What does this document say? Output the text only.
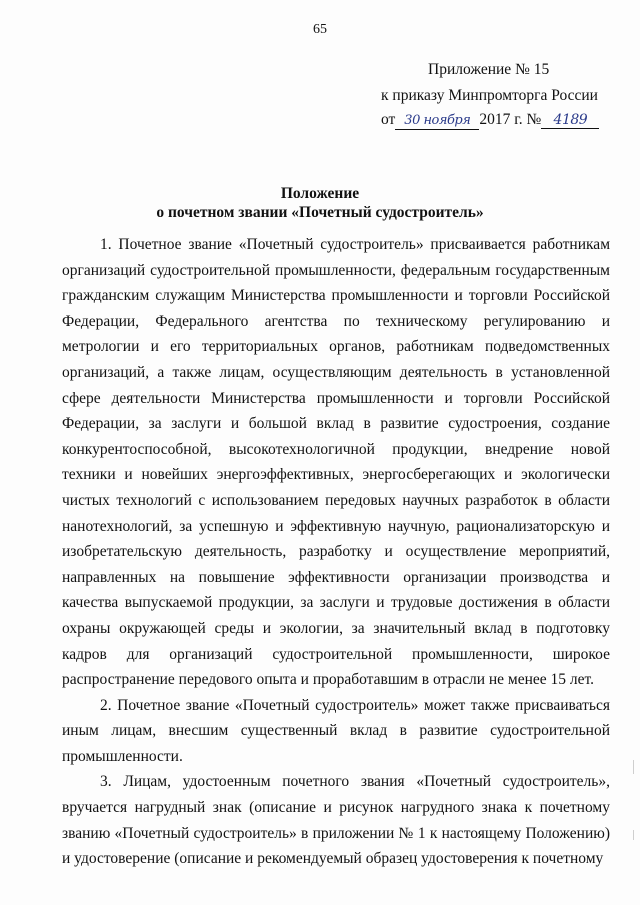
65
Приложение № 15
к приказу Минпромторга России
от 30 ноября 2017 г. № 4189
Положение
о почетном звании «Почетный судостроитель»

1. Почетное звание «Почетный судостроитель» присваивается работникам организаций судостроительной промышленности, федеральным государственным гражданским служащим Министерства промышленности и торговли Российской Федерации, Федерального агентства по техническому регулированию и метрологии и его территориальных органов, работникам подведомственных организаций, а также лицам, осуществляющим деятельность в установленной сфере деятельности Министерства промышленности и торговли Российской Федерации, за заслуги и большой вклад в развитие судостроения, создание конкурентоспособной, высокотехнологичной продукции, внедрение новой техники и новейших энергоэффективных, энергосберегающих и экологически чистых технологий с использованием передовых научных разработок в области нанотехнологий, за успешную и эффективную научную, рационализаторскую и изобретательскую деятельность, разработку и осуществление мероприятий, направленных на повышение эффективности организации производства и качества выпускаемой продукции, за заслуги и трудовые достижения в области охраны окружающей среды и экологии, за значительный вклад в подготовку кадров для организаций судостроительной промышленности, широкое распространение передового опыта и проработавшим в отрасли не менее 15 лет.

2. Почетное звание «Почетный судостроитель» может также присваиваться иным лицам, внесшим существенный вклад в развитие судостроительной промышленности.

3. Лицам, удостоенным почетного звания «Почетный судостроитель», вручается нагрудный знак (описание и рисунок нагрудного знака к почетному званию «Почетный судостроитель» в приложении № 1 к настоящему Положению) и удостоверение (описание и рекомендуемый образец удостоверения к почетному
